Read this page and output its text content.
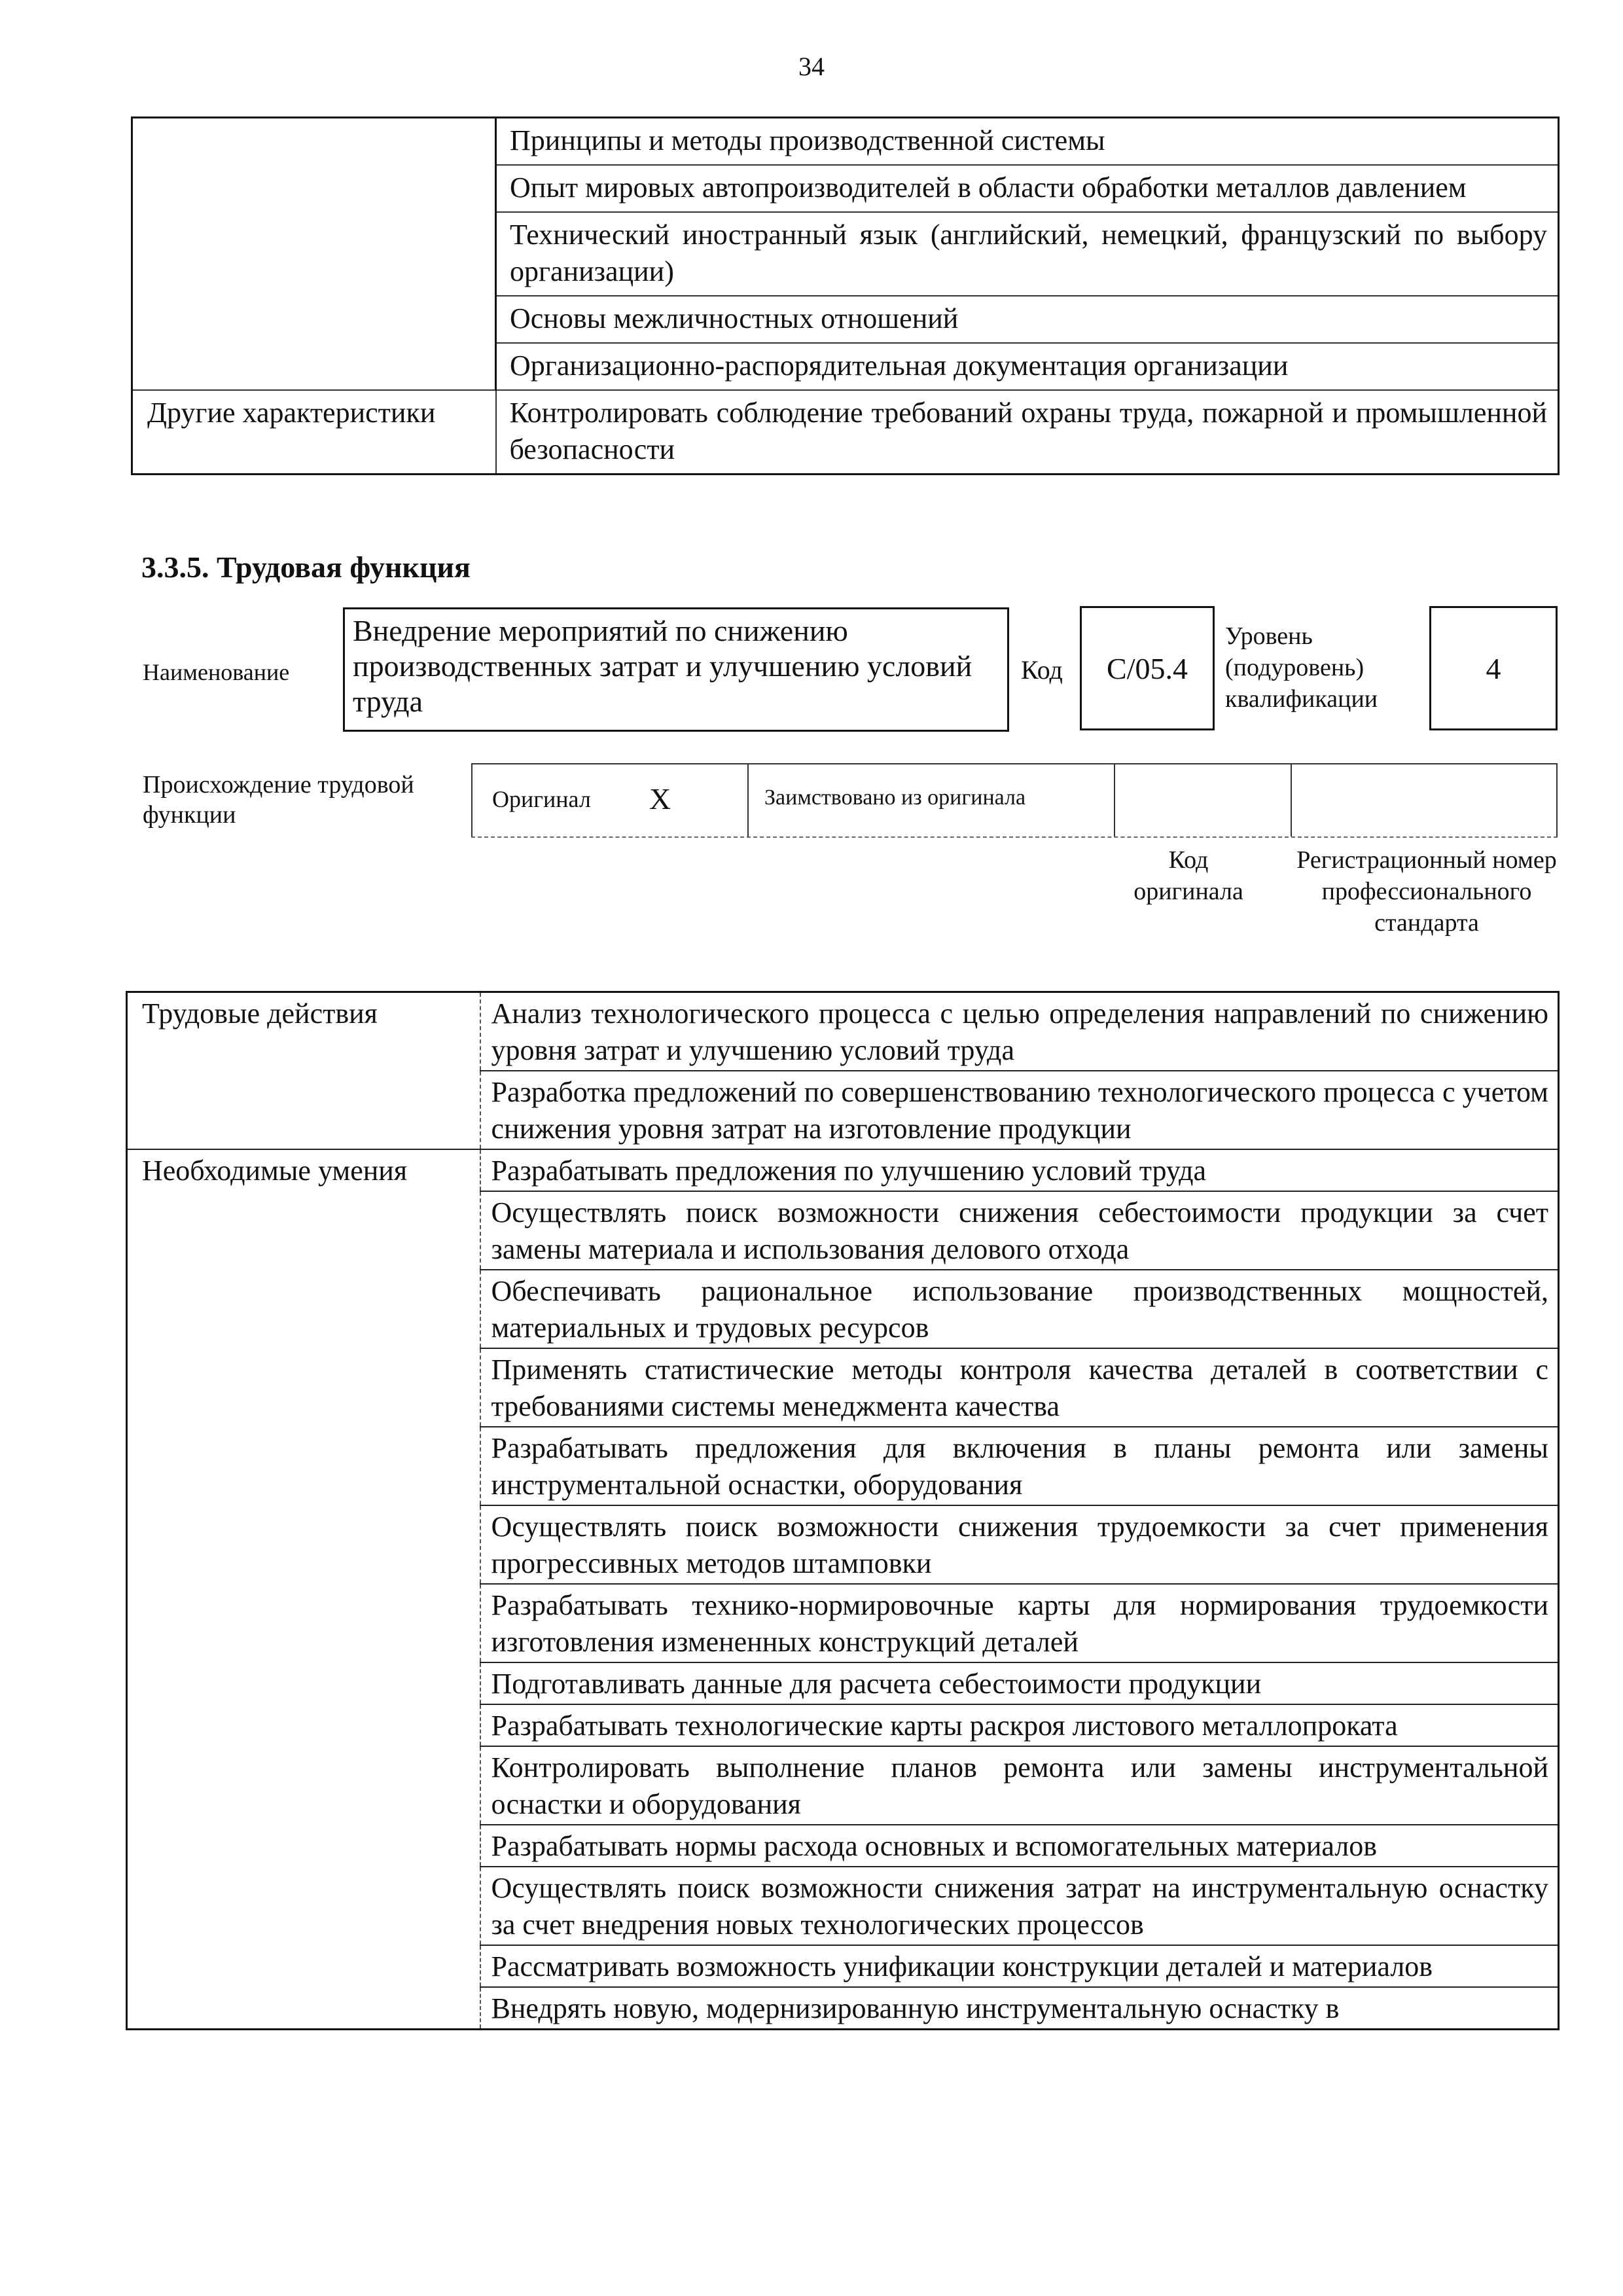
34
	Принципы и методы производственной системы
	Опыт мировых автопроизводителей в области обработки металлов давлением
	Технический иностранный язык (английский, немецкий, французский по выбору организации)
	Основы межличностных отношений
	Организационно-распорядительная документация организации
Другие характеристики	Контролировать соблюдение требований охраны труда, пожарной и промышленной безопасности
3.3.5. Трудовая функция
Наименование
Внедрение мероприятий по снижению производственных затрат и улучшению условий труда
Код	С/05.4
Уровень (подуровень) квалификации
4
Происхождение трудовой функции
Оригинал Х	Заимствовано из оригинала
Код оригинала
Регистрационный номер профессионального стандарта
Трудовые действия	Анализ технологического процесса с целью определения направлений по снижению уровня затрат и улучшению условий труда
	Разработка предложений по совершенствованию технологического процесса с учетом снижения уровня затрат на изготовление продукции
Необходимые умения	Разрабатывать предложения по улучшению условий труда
	Осуществлять поиск возможности снижения себестоимости продукции за счет замены материала и использования делового отхода
	Обеспечивать рациональное использование производственных мощностей, материальных и трудовых ресурсов
	Применять статистические методы контроля качества деталей в соответствии с требованиями системы менеджмента качества
	Разрабатывать предложения для включения в планы ремонта или замены инструментальной оснастки, оборудования
	Осуществлять поиск возможности снижения трудоемкости за счет применения прогрессивных методов штамповки
	Разрабатывать технико-нормировочные карты для нормирования трудоемкости изготовления измененных конструкций деталей
	Подготавливать данные для расчета себестоимости продукции
	Разрабатывать технологические карты раскроя листового металлопроката
	Контролировать выполнение планов ремонта или замены инструментальной оснастки и оборудования
	Разрабатывать нормы расхода основных и вспомогательных материалов
	Осуществлять поиск возможности снижения затрат на инструментальную оснастку за счет внедрения новых технологических процессов
	Рассматривать возможность унификации конструкции деталей и материалов
	Внедрять новую, модернизированную инструментальную оснастку в
